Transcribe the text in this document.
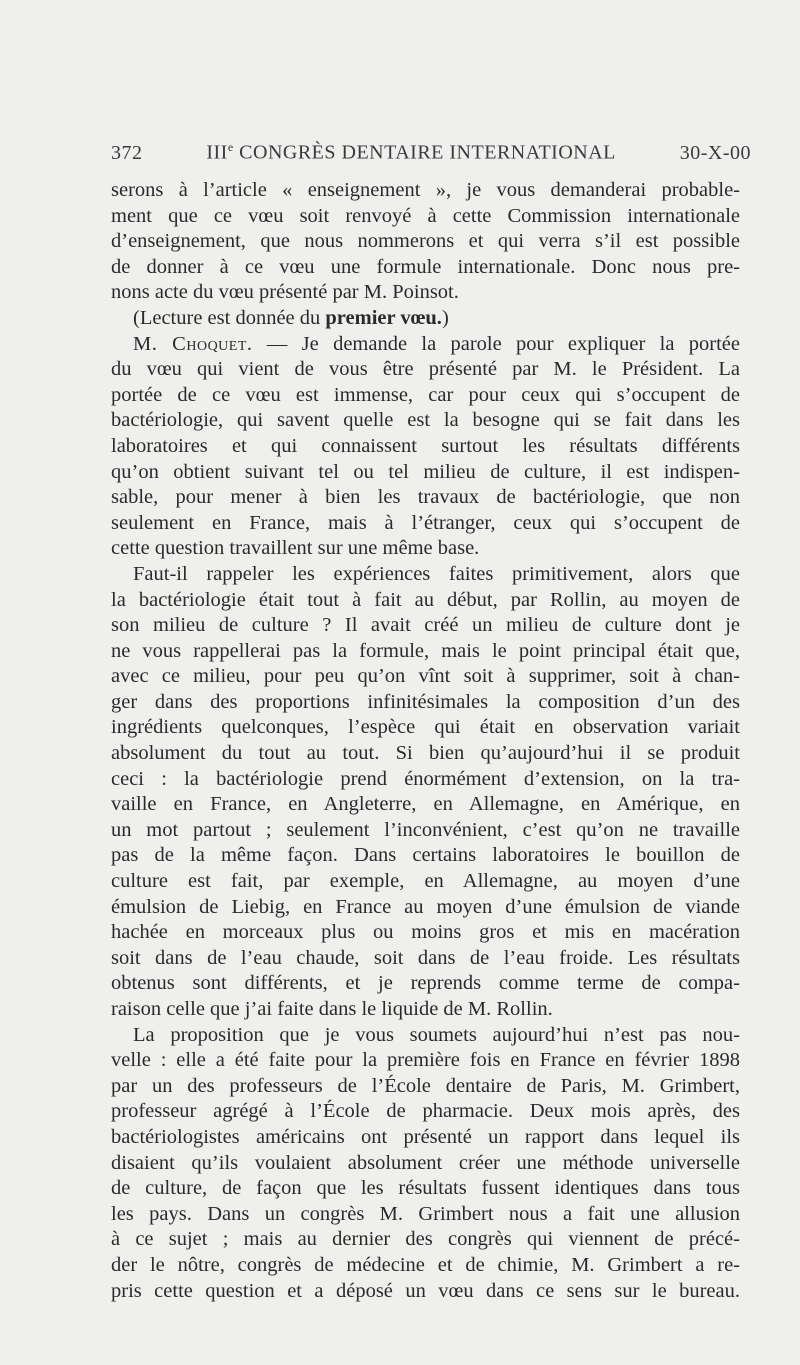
372	IIIe CONGRÈS DENTAIRE INTERNATIONAL	30-X-00
serons à l’article « enseignement », je vous demanderai probable-
ment que ce vœu soit renvoyé à cette Commission internationale
d’enseignement, que nous nommerons et qui verra s’il est possible
de donner à ce vœu une formule internationale. Donc nous pre-
nons acte du vœu présenté par M. Poinsot.
(Lecture est donnée du premier vœu.)
M. Choquet. — Je demande la parole pour expliquer la portée
du vœu qui vient de vous être présenté par M. le Président. La
portée de ce vœu est immense, car pour ceux qui s’occupent de
bactériologie, qui savent quelle est la besogne qui se fait dans les
laboratoires et qui connaissent surtout les résultats différents
qu’on obtient suivant tel ou tel milieu de culture, il est indispen-
sable, pour mener à bien les travaux de bactériologie, que non
seulement en France, mais à l’étranger, ceux qui s’occupent de
cette question travaillent sur une même base.
Faut-il rappeler les expériences faites primitivement, alors que
la bactériologie était tout à fait au début, par Rollin, au moyen de
son milieu de culture ? Il avait créé un milieu de culture dont je
ne vous rappellerai pas la formule, mais le point principal était que,
avec ce milieu, pour peu qu’on vînt soit à supprimer, soit à chan-
ger dans des proportions infinitésimales la composition d’un des
ingrédients quelconques, l’espèce qui était en observation variait
absolument du tout au tout. Si bien qu’aujourd’hui il se produit
ceci : la bactériologie prend énormément d’extension, on la tra-
vaille en France, en Angleterre, en Allemagne, en Amérique, en
un mot partout ; seulement l’inconvénient, c’est qu’on ne travaille
pas de la même façon. Dans certains laboratoires le bouillon de
culture est fait, par exemple, en Allemagne, au moyen d’une
émulsion de Liebig, en France au moyen d’une émulsion de viande
hachée en morceaux plus ou moins gros et mis en macération
soit dans de l’eau chaude, soit dans de l’eau froide. Les résultats
obtenus sont différents, et je reprends comme terme de compa-
raison celle que j’ai faite dans le liquide de M. Rollin.
La proposition que je vous soumets aujourd’hui n’est pas nou-
velle : elle a été faite pour la première fois en France en février 1898
par un des professeurs de l’École dentaire de Paris, M. Grimbert,
professeur agrégé à l’École de pharmacie. Deux mois après, des
bactériologistes américains ont présenté un rapport dans lequel ils
disaient qu’ils voulaient absolument créer une méthode universelle
de culture, de façon que les résultats fussent identiques dans tous
les pays. Dans un congrès M. Grimbert nous a fait une allusion
à ce sujet ; mais au dernier des congrès qui viennent de précé-
der le nôtre, congrès de médecine et de chimie, M. Grimbert a re-
pris cette question et a déposé un vœu dans ce sens sur le bureau.
